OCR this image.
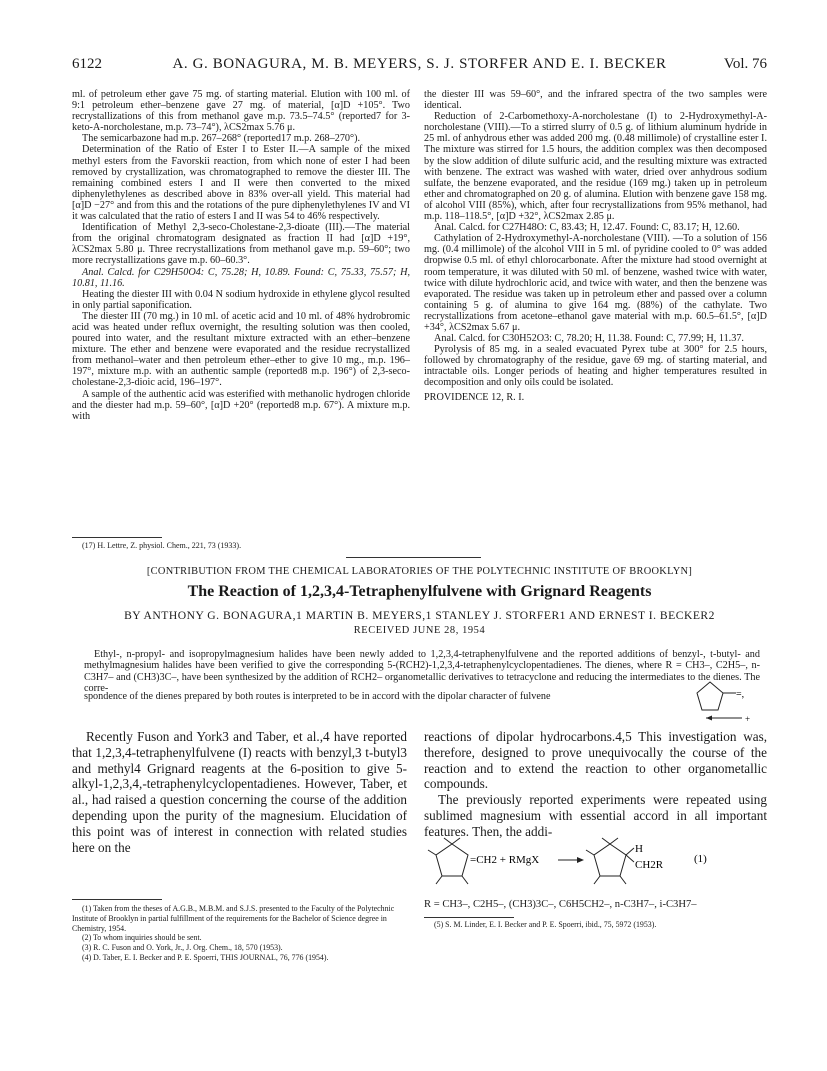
6122	A. G. BONAGURA, M. B. MEYERS, S. J. STORFER AND E. I. BECKER	Vol. 76

ml. of petroleum ether gave 75 mg. of starting material. Elution with 100 ml. of 9:1 petroleum ether–benzene gave 27 mg. of material, [α]D +105°. Two recrystallizations of this from methanol gave m.p. 73.5–74.5° (reported7 for 3-keto-A-norcholestane, m.p. 73–74°), λCS2max 5.76 μ.

The semicarbazone had m.p. 267–268° (reported17 m.p. 268–270°).

Determination of the Ratio of Ester I to Ester II.—A sample of the mixed methyl esters from the Favorskii reaction, from which none of ester I had been removed by crystallization, was chromatographed to remove the diester III. The remaining combined esters I and II were then converted to the mixed diphenylethylenes as described above in 83% over-all yield. This material had [α]D −27° and from this and the rotations of the pure diphenylethylenes IV and VI it was calculated that the ratio of esters I and II was 54 to 46% respectively.

Identification of Methyl 2,3-seco-Cholestane-2,3-dioate (III).—The material from the original chromatogram designated as fraction II had [α]D +19°, λCS2max 5.80 μ. Three recrystallizations from methanol gave m.p. 59–60°; two more recrystallizations gave m.p. 60–60.3°.

Anal. Calcd. for C29H50O4: C, 75.28; H, 10.89. Found: C, 75.33, 75.57; H, 10.81, 11.16.

Heating the diester III with 0.04 N sodium hydroxide in ethylene glycol resulted in only partial saponification.

The diester III (70 mg.) in 10 ml. of acetic acid and 10 ml. of 48% hydrobromic acid was heated under reflux overnight, the resulting solution was then cooled, poured into water, and the resultant mixture extracted with an ether–benzene mixture. The ether and benzene were evaporated and the residue recrystallized from methanol–water and then petroleum ether–ether to give 10 mg., m.p. 196–197°, mixture m.p. with an authentic sample (reported8 m.p. 196°) of 2,3-seco-cholestane-2,3-dioic acid, 196–197°.

A sample of the authentic acid was esterified with methanolic hydrogen chloride and the diester had m.p. 59–60°, [α]D +20° (reported8 m.p. 67°). A mixture m.p. with

(17) H. Lettre, Z. physiol. Chem., 221, 73 (1933).

the diester III was 59–60°, and the infrared spectra of the two samples were identical.

Reduction of 2-Carbomethoxy-A-norcholestane (I) to 2-Hydroxymethyl-A-norcholestane (VIII).—To a stirred slurry of 0.5 g. of lithium aluminum hydride in 25 ml. of anhydrous ether was added 200 mg. (0.48 millimole) of crystalline ester I. The mixture was stirred for 1.5 hours, the addition complex was then decomposed by the slow addition of dilute sulfuric acid, and the resulting mixture was extracted with benzene. The extract was washed with water, dried over anhydrous sodium sulfate, the benzene evaporated, and the residue (169 mg.) taken up in petroleum ether and chromatographed on 20 g. of alumina. Elution with benzene gave 158 mg. of alcohol VIII (85%), which, after four recrystallizations from 95% methanol, had m.p. 118–118.5°, [α]D +32°, λCS2max 2.85 μ.

Anal. Calcd. for C27H48O: C, 83.43; H, 12.47. Found: C, 83.17; H, 12.60.

Cathylation of 2-Hydroxymethyl-A-norcholestane (VIII). —To a solution of 156 mg. (0.4 millimole) of the alcohol VIII in 5 ml. of pyridine cooled to 0° was added dropwise 0.5 ml. of ethyl chlorocarbonate. After the mixture had stood overnight at room temperature, it was diluted with 50 ml. of benzene, washed twice with water, twice with dilute hydrochloric acid, and twice with water, and then the benzene was evaporated. The residue was taken up in petroleum ether and passed over a column containing 5 g. of alumina to give 164 mg. (88%) of the cathylate. Two recrystallizations from acetone–ethanol gave material with m.p. 60.5–61.5°, [α]D +34°, λCS2max 5.67 μ.

Anal. Calcd. for C30H52O3: C, 78.20; H, 11.38. Found: C, 77.99; H, 11.37.

Pyrolysis of 85 mg. in a sealed evacuated Pyrex tube at 300° for 2.5 hours, followed by chromatography of the residue, gave 69 mg. of starting material, and intractable oils. Longer periods of heating and higher temperatures resulted in decomposition and only oils could be isolated.

PROVIDENCE 12, R. I.

[CONTRIBUTION FROM THE CHEMICAL LABORATORIES OF THE POLYTECHNIC INSTITUTE OF BROOKLYN]
The Reaction of 1,2,3,4-Tetraphenylfulvene with Grignard Reagents
BY ANTHONY G. BONAGURA,1 MARTIN B. MEYERS,1 STANLEY J. STORFER1 AND ERNEST I. BECKER2
RECEIVED JUNE 28, 1954

Ethyl-, n-propyl- and isopropylmagnesium halides have been newly added to 1,2,3,4-tetraphenylfulvene and the reported additions of benzyl-, t-butyl- and methylmagnesium halides have been verified to give the corresponding 5-(RCH2)-1,2,3,4-tetraphenylcyclopentadienes. The dienes, where R = CH3–, C2H5–, n-C3H7– and (CH3)3C–, have been synthesized by the addition of RCH2– organometallic derivatives to tetracyclone and reducing the intermediates to the dienes. The corre-

spondence of the dienes prepared by both routes is interpreted to be in accord with the dipolar character of fulvene	=,
+

Recently Fuson and York3 and Taber, et al.,4 have reported that 1,2,3,4-tetraphenylfulvene (I) reacts with benzyl,3 t-butyl3 and methyl4 Grignard reagents at the 6-position to give 5-alkyl-1,2,3,4,-tetraphenylcyclopentadienes. However, Taber, et al., had raised a question concerning the course of the addition depending upon the purity of the magnesium. Elucidation of this point was of interest in connection with related studies here on the

(1) Taken from the theses of A.G.B., M.B.M. and S.J.S. presented to the Faculty of the Polytechnic Institute of Brooklyn in partial fulfillment of the requirements for the Bachelor of Science degree in Chemistry, 1954.
(2) To whom inquiries should be sent.
(3) R. C. Fuson and O. York, Jr., J. Org. Chem., 18, 570 (1953).
(4) D. Taber, E. I. Becker and P. E. Spoerri, THIS JOURNAL, 76, 776 (1954).

reactions of dipolar hydrocarbons.4,5 This investigation was, therefore, designed to prove unequivocally the course of the reaction and to extend the reaction to other organometallic compounds.

The previously reported experiments were repeated using sublimed magnesium with essential accord in all important features. Then, the addi-

=CH2 + RMgX
H
CH2R	(1)
R = CH3–, C2H5–, (CH3)3C–, C6H5CH2–, n-C3H7–, i-C3H7–
(5) S. M. Linder, E. I. Becker and P. E. Spoerri, ibid., 75, 5972 (1953).
